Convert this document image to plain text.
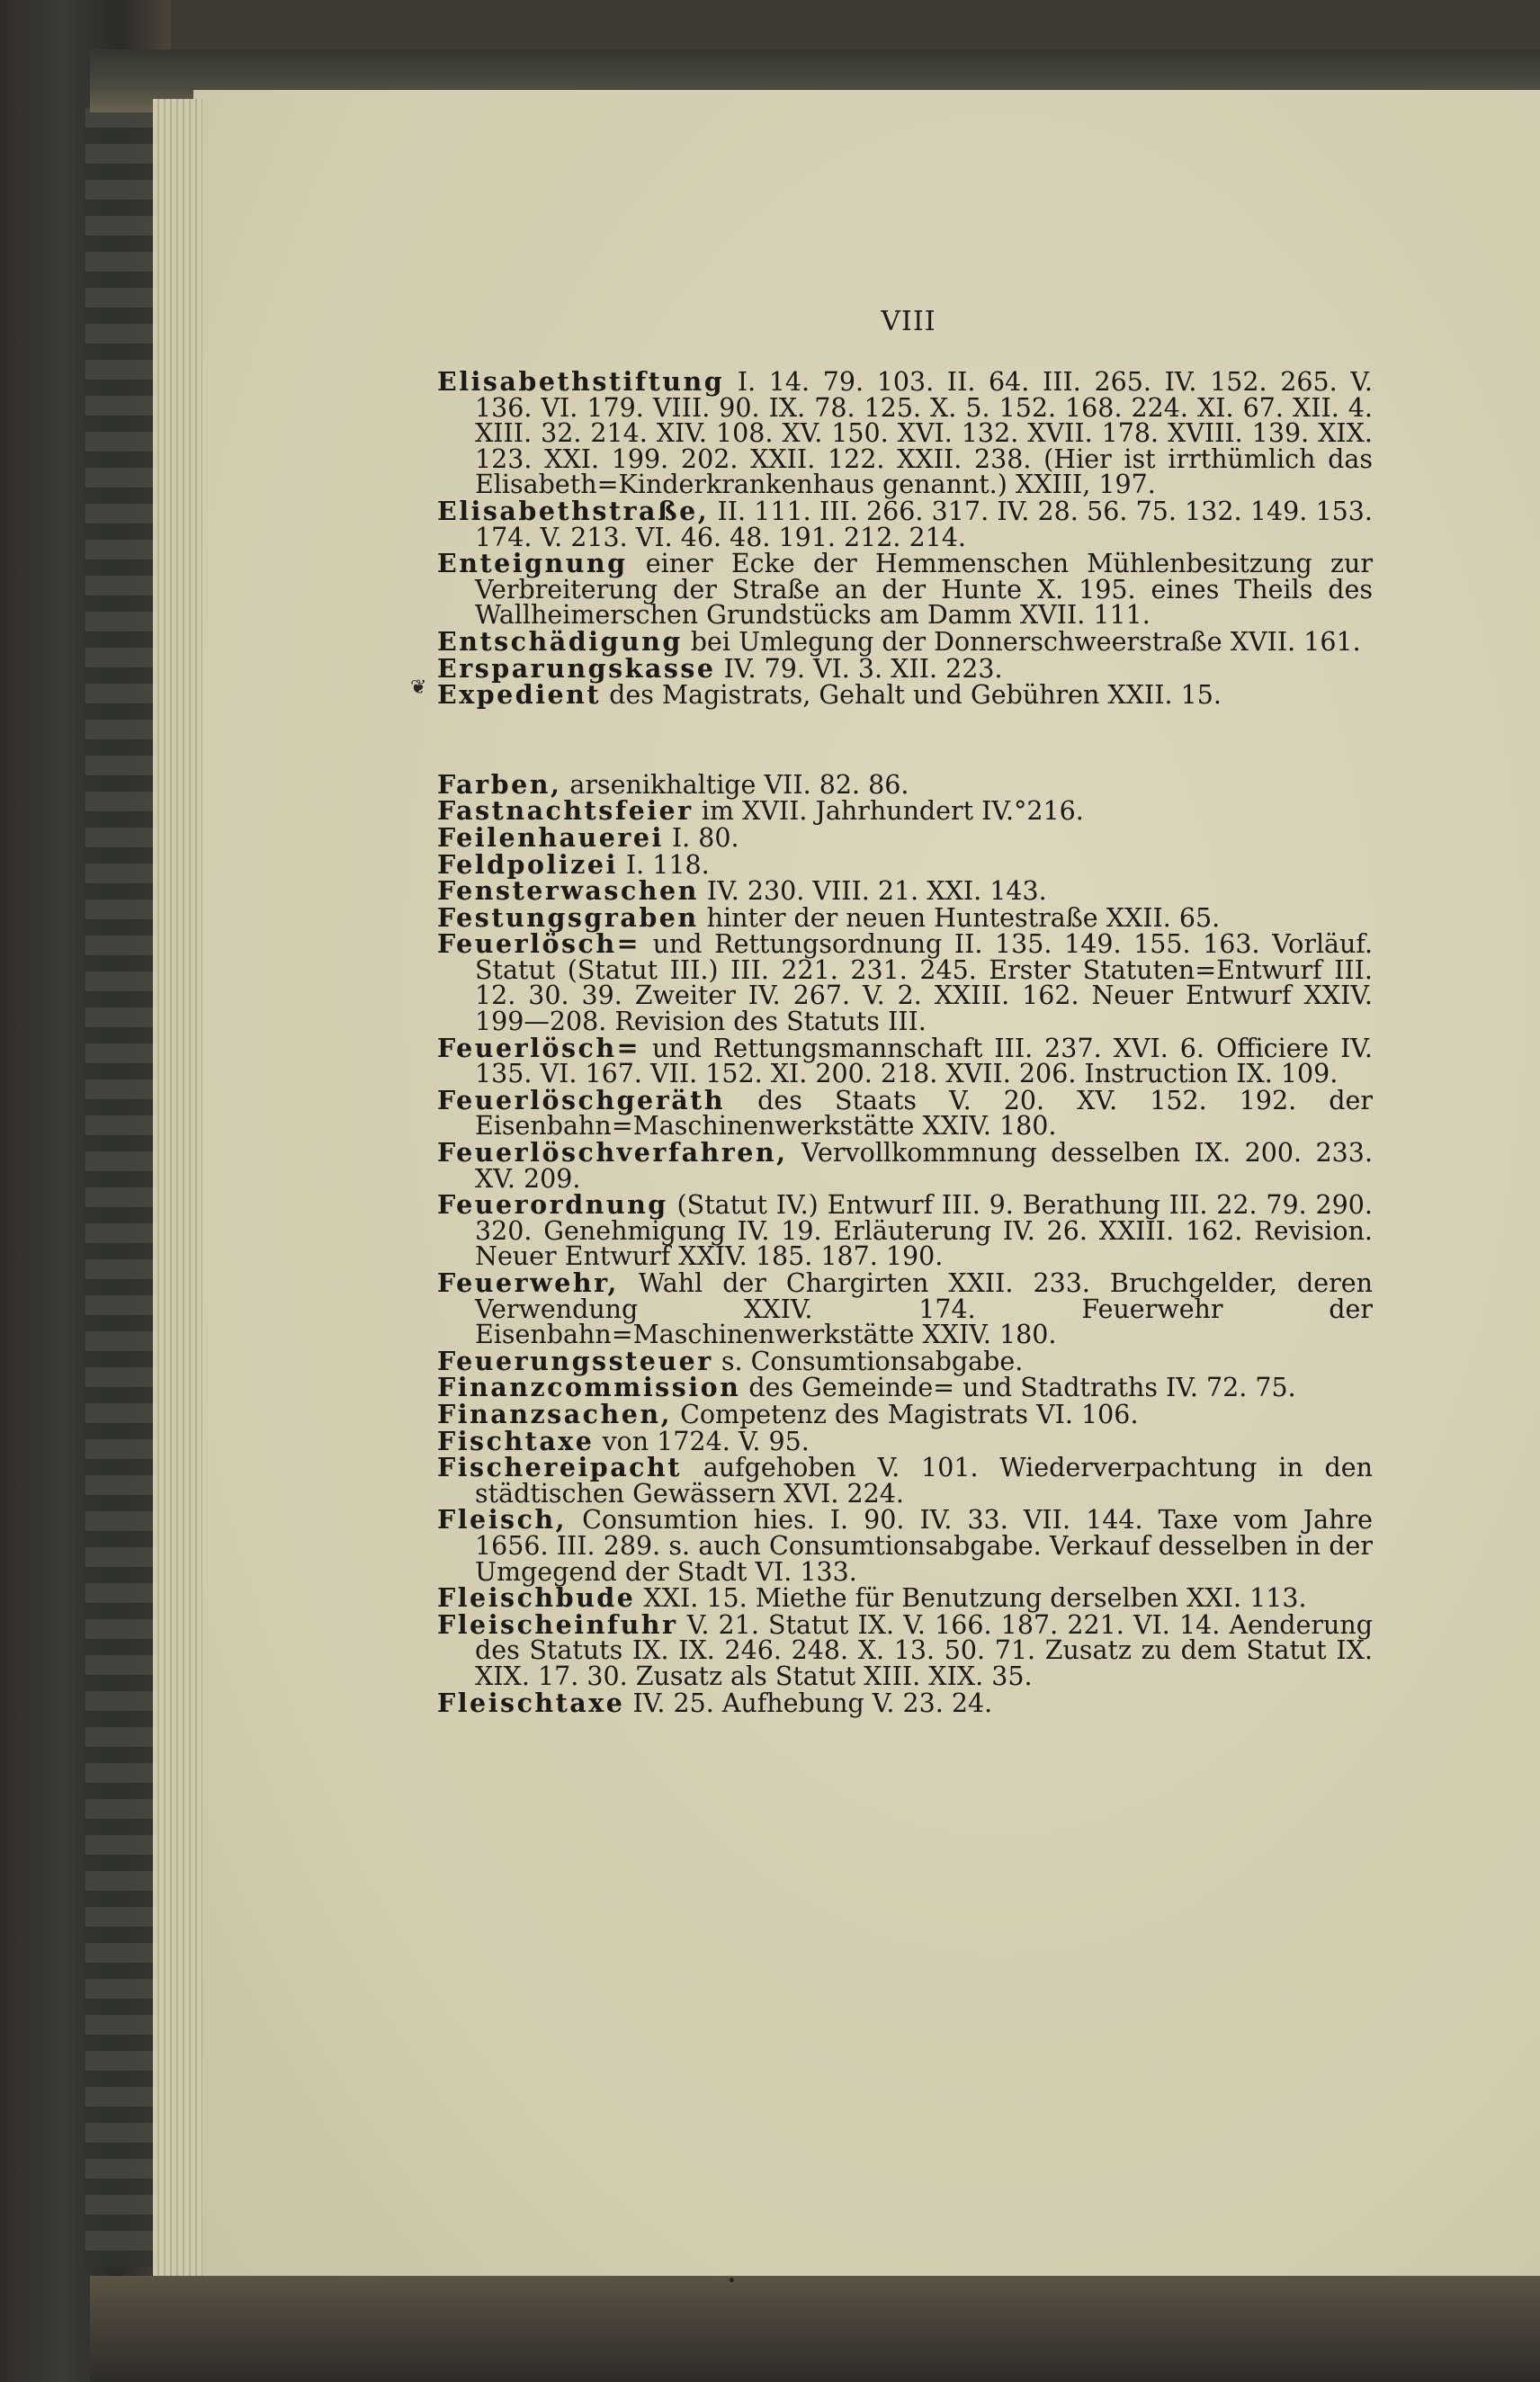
VIII
❦
•
Elisabethstiftung I. 14. 79. 103. II. 64. III. 265. IV. 152. 265. V. 136. VI. 179. VIII. 90. IX. 78. 125. X. 5. 152. 168. 224. XI. 67. XII. 4. XIII. 32. 214. XIV. 108. XV. 150. XVI. 132. XVII. 178. XVIII. 139. XIX. 123. XXI. 199. 202. XXII. 122. XXII. 238. (Hier ist irrthümlich das Elisabeth=Kinderkrankenhaus genannt.) XXIII, 197.
Elisabethstraße, II. 111. III. 266. 317. IV. 28. 56. 75. 132. 149. 153. 174. V. 213. VI. 46. 48. 191. 212. 214.
Enteignung einer Ecke der Hemmenschen Mühlenbesitzung zur Verbreiterung der Straße an der Hunte X. 195. eines Theils des Wallheimerschen Grundstücks am Damm XVII. 111.
Entschädigung bei Umlegung der Donnerschweerstraße XVII. 161.
Ersparungskasse IV. 79. VI. 3. XII. 223.
Expedient des Magistrats, Gehalt und Gebühren XXII. 15.
Farben, arsenikhaltige VII. 82. 86.
Fastnachtsfeier im XVII. Jahrhundert IV.°216.
Feilenhauerei I. 80.
Feldpolizei I. 118.
Fensterwaschen IV. 230. VIII. 21. XXI. 143.
Festungsgraben hinter der neuen Huntestraße XXII. 65.
Feuerlösch= und Rettungsordnung II. 135. 149. 155. 163. Vorläuf. Statut (Statut III.) III. 221. 231. 245. Erster Statuten=Entwurf III. 12. 30. 39. Zweiter IV. 267. V. 2. XXIII. 162. Neuer Entwurf XXIV. 199—208. Revision des Statuts III.
Feuerlösch= und Rettungsmannschaft III. 237. XVI. 6. Officiere IV. 135. VI. 167. VII. 152. XI. 200. 218. XVII. 206. Instruction IX. 109.
Feuerlöschgeräth des Staats V. 20. XV. 152. 192. der Eisenbahn=Maschinenwerkstätte XXIV. 180.
Feuerlöschverfahren, Vervollkommnung desselben IX. 200. 233. XV. 209.
Feuerordnung (Statut IV.) Entwurf III. 9. Berathung III. 22. 79. 290. 320. Genehmigung IV. 19. Erläuterung IV. 26. XXIII. 162. Revision. Neuer Entwurf XXIV. 185. 187. 190.
Feuerwehr, Wahl der Chargirten XXII. 233. Bruchgelder, deren Verwendung XXIV. 174. Feuerwehr der Eisenbahn=Maschinenwerkstätte XXIV. 180.
Feuerungssteuer s. Consumtionsabgabe.
Finanzcommission des Gemeinde= und Stadtraths IV. 72. 75.
Finanzsachen, Competenz des Magistrats VI. 106.
Fischtaxe von 1724. V. 95.
Fischereipacht aufgehoben V. 101. Wiederverpachtung in den städtischen Gewässern XVI. 224.
Fleisch, Consumtion hies. I. 90. IV. 33. VII. 144. Taxe vom Jahre 1656. III. 289. s. auch Consumtionsabgabe. Verkauf desselben in der Umgegend der Stadt VI. 133.
Fleischbude XXI. 15. Miethe für Benutzung derselben XXI. 113.
Fleischeinfuhr V. 21. Statut IX. V. 166. 187. 221. VI. 14. Aenderung des Statuts IX. IX. 246. 248. X. 13. 50. 71. Zusatz zu dem Statut IX. XIX. 17. 30. Zusatz als Statut XIII. XIX. 35.
Fleischtaxe IV. 25. Aufhebung V. 23. 24.
